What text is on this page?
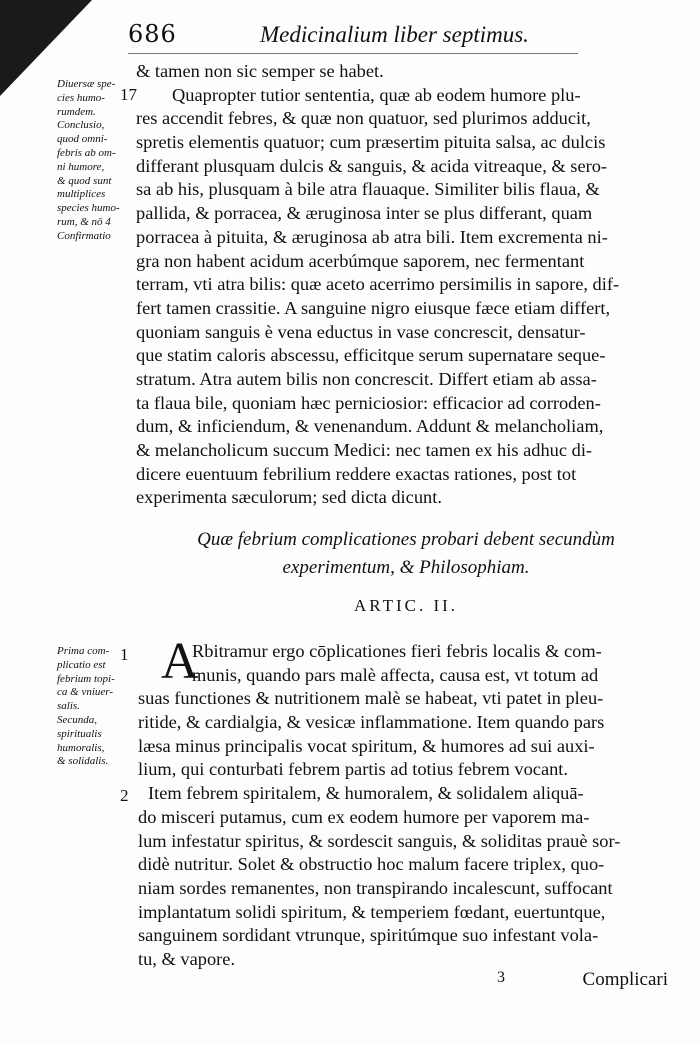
686	Medicinalium liber septimus.
Diuersæ spe-
cies humo-
rumdem.
Conclusio,
quod omni-
febris ab om-
ni humore,
& quod sunt
multiplices
species humo-
rum, & nō 4
Confirmatio
17
& tamen non sic semper se habet.
Quapropter tutior sententia, quæ ab eodem humore plu-
res accendit febres, & quæ non quatuor, sed plurimos adducit,
spretis elementis quatuor; cum præsertim pituita salsa, ac dulcis
differant plusquam dulcis & sanguis, & acida vitreaque, & sero-
sa ab his, plusquam à bile atra flauaque. Similiter bilis flaua, &
pallida, & porracea, & æruginosa inter se plus differant, quam
porracea à pituita, & æruginosa ab atra bili. Item excrementa ni-
gra non habent acidum acerbúmque saporem, nec fermentant
terram, vti atra bilis: quæ aceto acerrimo persimilis in sapore, dif-
fert tamen crassitie. A sanguine nigro eiusque fæce etiam differt,
quoniam sanguis è vena eductus in vase concrescit, densatur-
que statim caloris abscessu, efficitque serum supernatare seque-
stratum. Atra autem bilis non concrescit. Differt etiam ab assa-
ta flaua bile, quoniam hæc perniciosior: efficacior ad corroden-
dum, & inficiendum, & venenandum. Addunt & melancholiam,
& melancholicum succum Medici: nec tamen ex his adhuc di-
dicere euentuum febrilium reddere exactas rationes, post tot
experimenta sæculorum; sed dicta dicunt.
Quæ febrium complicationes probari debent secundùm
experimentum, & Philosophiam.
ARTIC. II.
Prima com-
plicatio est
febrium topi-
ca & vniuer-
salis.
Secunda,
spiritualis
humoralis,
& solidalis.
1
2
A
Rbitramur ergo cōplicationes fieri febris localis & com-
munis, quando pars malè affecta, causa est, vt totum ad
suas functiones & nutritionem malè se habeat, vti patet in pleu-
ritide, & cardialgia, & vesicæ inflammatione. Item quando pars
læsa minus principalis vocat spiritum, & humores ad sui auxi-
lium, qui conturbati febrem partis ad totius febrem vocant.
Item febrem spiritalem, & humoralem, & solidalem aliquā-
do misceri putamus, cum ex eodem humore per vaporem ma-
lum infestatur spiritus, & sordescit sanguis, & soliditas prauè sor-
didè nutritur. Solet & obstructio hoc malum facere triplex, quo-
niam sordes remanentes, non transpirando incalescunt, suffocant
implantatum solidi spiritum, & temperiem fœdant, euertuntque,
sanguinem sordidant vtrunque, spiritúmque suo infestant vola-
tu, & vapore.
3	Complicari
